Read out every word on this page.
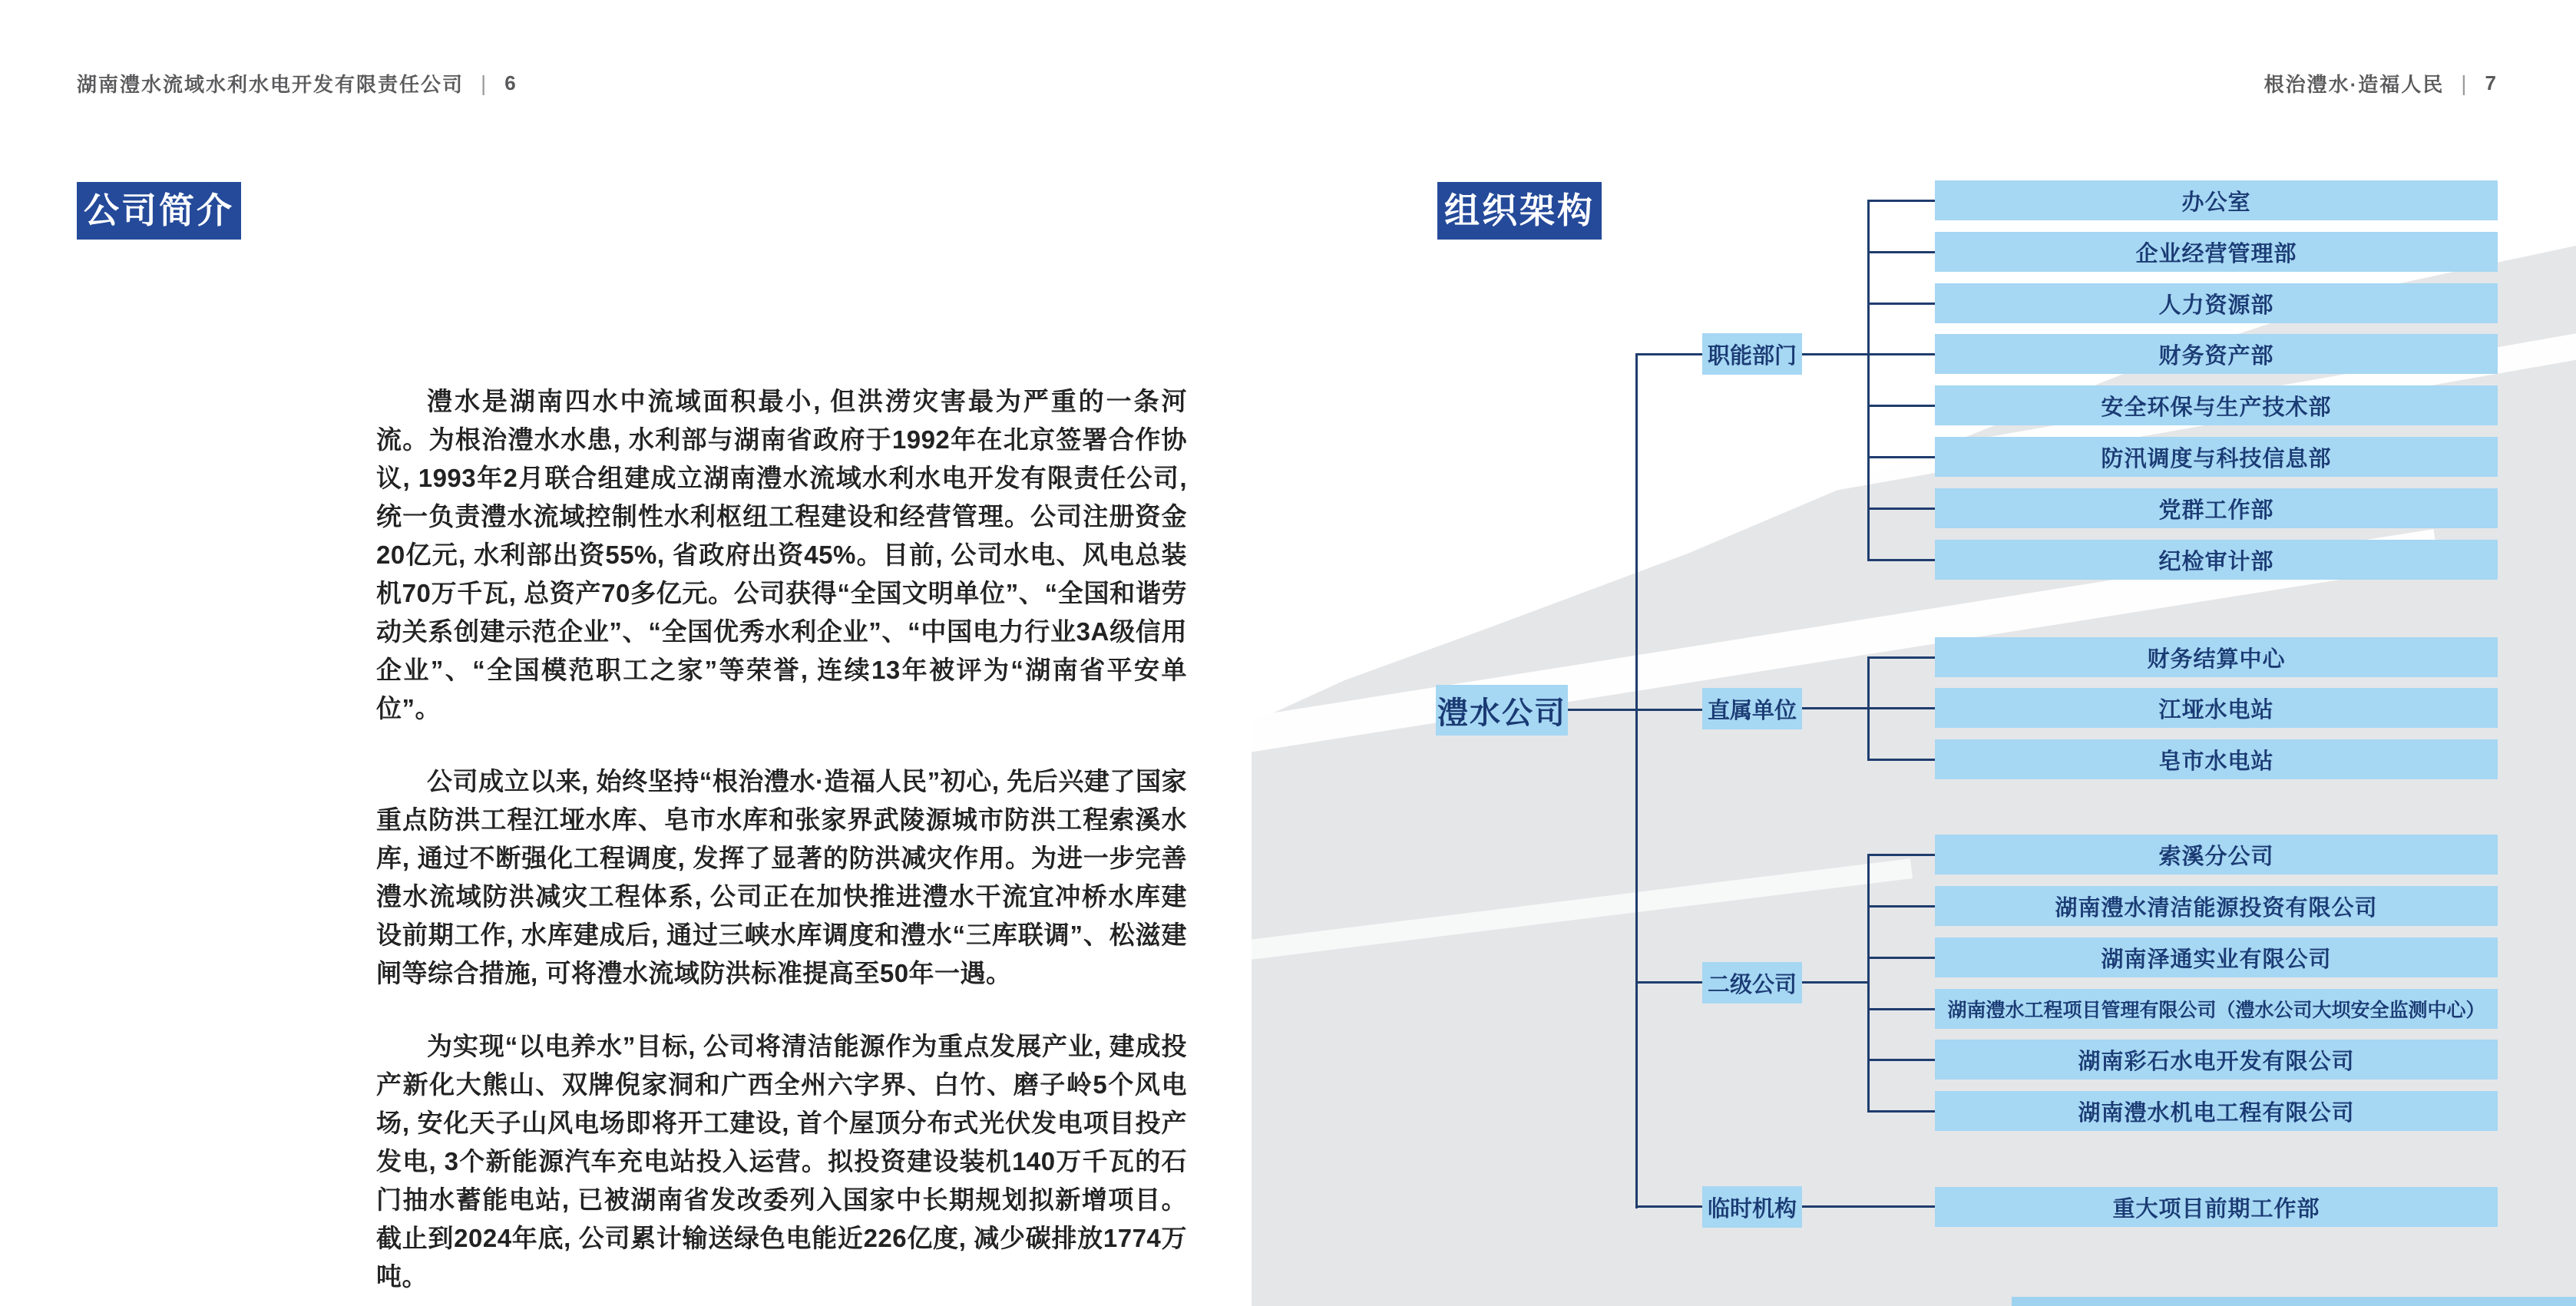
湖南澧水流域水利水电开发有限责任公司 | 6	根治澧水·造福人民 | 7
公司简介

澧水是湖南四水中流域面积最小, 但洪涝灾害最为严重的一条河流。为根治澧水水患, 水利部与湖南省政府于1992年在北京签署合作协议, 1993年2月联合组建成立湖南澧水流域水利水电开发有限责任公司, 统一负责澧水流域控制性水利枢纽工程建设和经营管理。公司注册资金20亿元, 水利部出资55%, 省政府出资45%。目前, 公司水电、风电总装机70万千瓦, 总资产70多亿元。公司获得“全国文明单位”、“全国和谐劳动关系创建示范企业”、“全国优秀水利企业”、“中国电力行业3A级信用企业”、“全国模范职工之家”等荣誉, 连续13年被评为“湖南省平安单位”。

公司成立以来, 始终坚持“根治澧水·造福人民”初心, 先后兴建了国家重点防洪工程江垭水库、皂市水库和张家界武陵源城市防洪工程索溪水库, 通过不断强化工程调度, 发挥了显著的防洪减灾作用。为进一步完善澧水流域防洪减灾工程体系, 公司正在加快推进澧水干流宜冲桥水库建设前期工作, 水库建成后, 通过三峡水库调度和澧水“三库联调”、松滋建闸等综合措施, 可将澧水流域防洪标准提高至50年一遇。

为实现“以电养水”目标, 公司将清洁能源作为重点发展产业, 建成投产新化大熊山、双牌倪家洞和广西全州六字界、白竹、磨子岭5个风电场, 安化天子山风电场即将开工建设, 首个屋顶分布式光伏发电项目投产发电, 3个新能源汽车充电站投入运营。拟投资建设装机140万千瓦的石门抽水蓄能电站, 已被湖南省发改委列入国家中长期规划拟新增项目。截止到2024年底, 公司累计输送绿色电能近226亿度, 减少碳排放1774万吨。

组织架构
澧水公司
职能部门
直属单位
二级公司
临时机构
办公室
企业经营管理部
人力资源部
财务资产部
安全环保与生产技术部
防汛调度与科技信息部
党群工作部
纪检审计部
财务结算中心
江垭水电站
皂市水电站
索溪分公司
湖南澧水清洁能源投资有限公司
湖南泽通实业有限公司
湖南澧水工程项目管理有限公司（澧水公司大坝安全监测中心）
湖南彩石水电开发有限公司
湖南澧水机电工程有限公司
重大项目前期工作部
